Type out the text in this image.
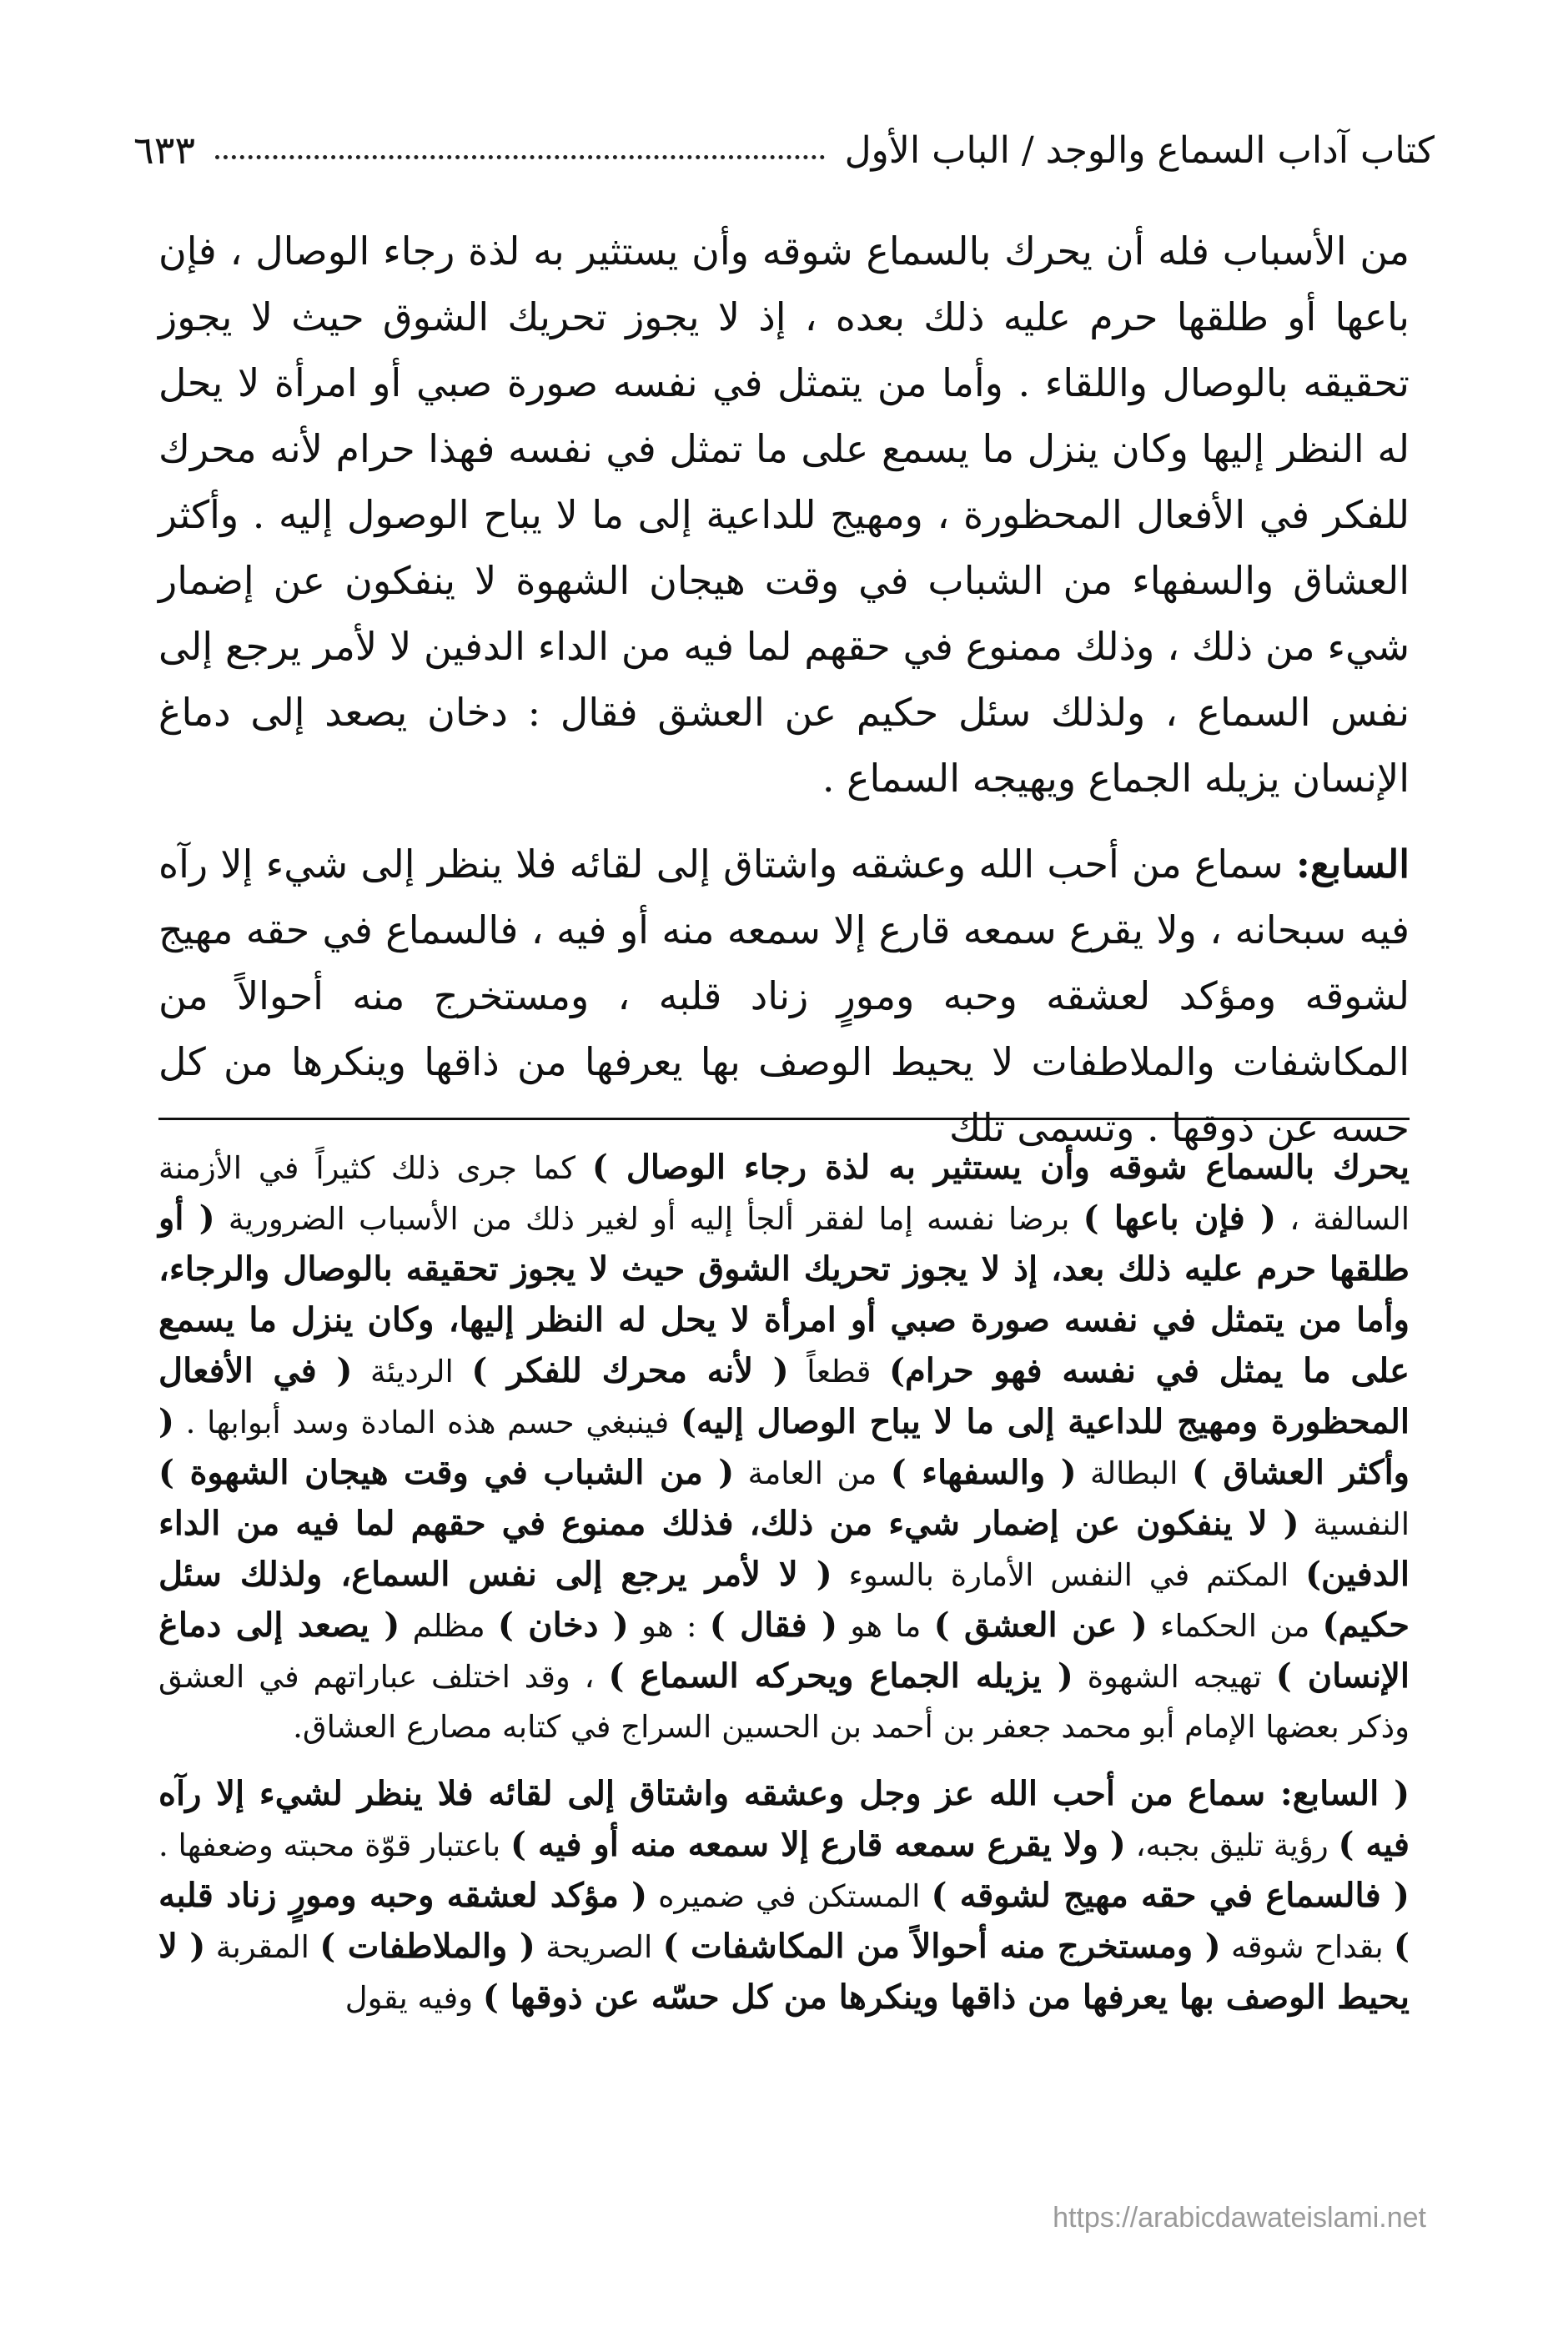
كتاب آداب السماع والوجد / الباب الأول
٦٣٣

من الأسباب فله أن يحرك بالسماع شوقه وأن يستثير به لذة رجاء الوصال ، فإن باعها أو طلقها حرم عليه ذلك بعده ، إذ لا يجوز تحريك الشوق حيث لا يجوز تحقيقه بالوصال واللقاء . وأما من يتمثل في نفسه صورة صبي أو امرأة لا يحل له النظر إليها وكان ينزل ما يسمع على ما تمثل في نفسه فهذا حرام لأنه محرك للفكر في الأفعال المحظورة ، ومهيج للداعية إلى ما لا يباح الوصول إليه . وأكثر العشاق والسفهاء من الشباب في وقت هيجان الشهوة لا ينفكون عن إضمار شيء من ذلك ، وذلك ممنوع في حقهم لما فيه من الداء الدفين لا لأمر يرجع إلى نفس السماع ، ولذلك سئل حكيم عن العشق فقال : دخان يصعد إلى دماغ الإنسان يزيله الجماع ويهيجه السماع .

السابع: سماع من أحب الله وعشقه واشتاق إلى لقائه فلا ينظر إلى شيء إلا رآه فيه سبحانه ، ولا يقرع سمعه قارع إلا سمعه منه أو فيه ، فالسماع في حقه مهيج لشوقه ومؤكد لعشقه وحبه ومورٍ زناد قلبه ، ومستخرج منه أحوالاً من المكاشفات والملاطفات لا يحيط الوصف بها يعرفها من ذاقها وينكرها من كل حسه عن ذوقها . وتسمى تلك

يحرك بالسماع شوقه وأن يستثير به لذة رجاء الوصال ) كما جرى ذلك كثيراً في الأزمنة السالفة ، ( فإن باعها ) برضا نفسه إما لفقر ألجأ إليه أو لغير ذلك من الأسباب الضرورية ( أو طلقها حرم عليه ذلك بعد، إذ لا يجوز تحريك الشوق حيث لا يجوز تحقيقه بالوصال والرجاء، وأما من يتمثل في نفسه صورة صبي أو امرأة لا يحل له النظر إليها، وكان ينزل ما يسمع على ما يمثل في نفسه فهو حرام) قطعاً ( لأنه محرك للفكر ) الرديئة ( في الأفعال المحظورة ومهيج للداعية إلى ما لا يباح الوصال إليه) فينبغي حسم هذه المادة وسد أبوابها . ( وأكثر العشاق ) البطالة ( والسفهاء ) من العامة ( من الشباب في وقت هيجان الشهوة ) النفسية ( لا ينفكون عن إضمار شيء من ذلك، فذلك ممنوع في حقهم لما فيه من الداء الدفين) المكتم في النفس الأمارة بالسوء ( لا لأمر يرجع إلى نفس السماع، ولذلك سئل حكيم) من الحكماء ( عن العشق ) ما هو ( فقال ) : هو ( دخان ) مظلم ( يصعد إلى دماغ الإنسان ) تهيجه الشهوة ( يزيله الجماع ويحركه السماع ) ، وقد اختلف عباراتهم في العشق وذكر بعضها الإمام أبو محمد جعفر بن أحمد بن الحسين السراج في كتابه مصارع العشاق.

( السابع: سماع من أحب الله عز وجل وعشقه واشتاق إلى لقائه فلا ينظر لشيء إلا رآه فيه ) رؤية تليق بجبه، ( ولا يقرع سمعه قارع إلا سمعه منه أو فيه ) باعتبار قوّة محبته وضعفها . ( فالسماع في حقه مهيج لشوقه ) المستكن في ضميره ( مؤكد لعشقه وحبه ومورٍ زناد قلبه ) بقداح شوقه ( ومستخرج منه أحوالاً من المكاشفات ) الصريحة ( والملاطفات ) المقربة ( لا يحيط الوصف بها يعرفها من ذاقها وينكرها من كل حسّه عن ذوقها ) وفيه يقول

https://arabicdawateislami.net
